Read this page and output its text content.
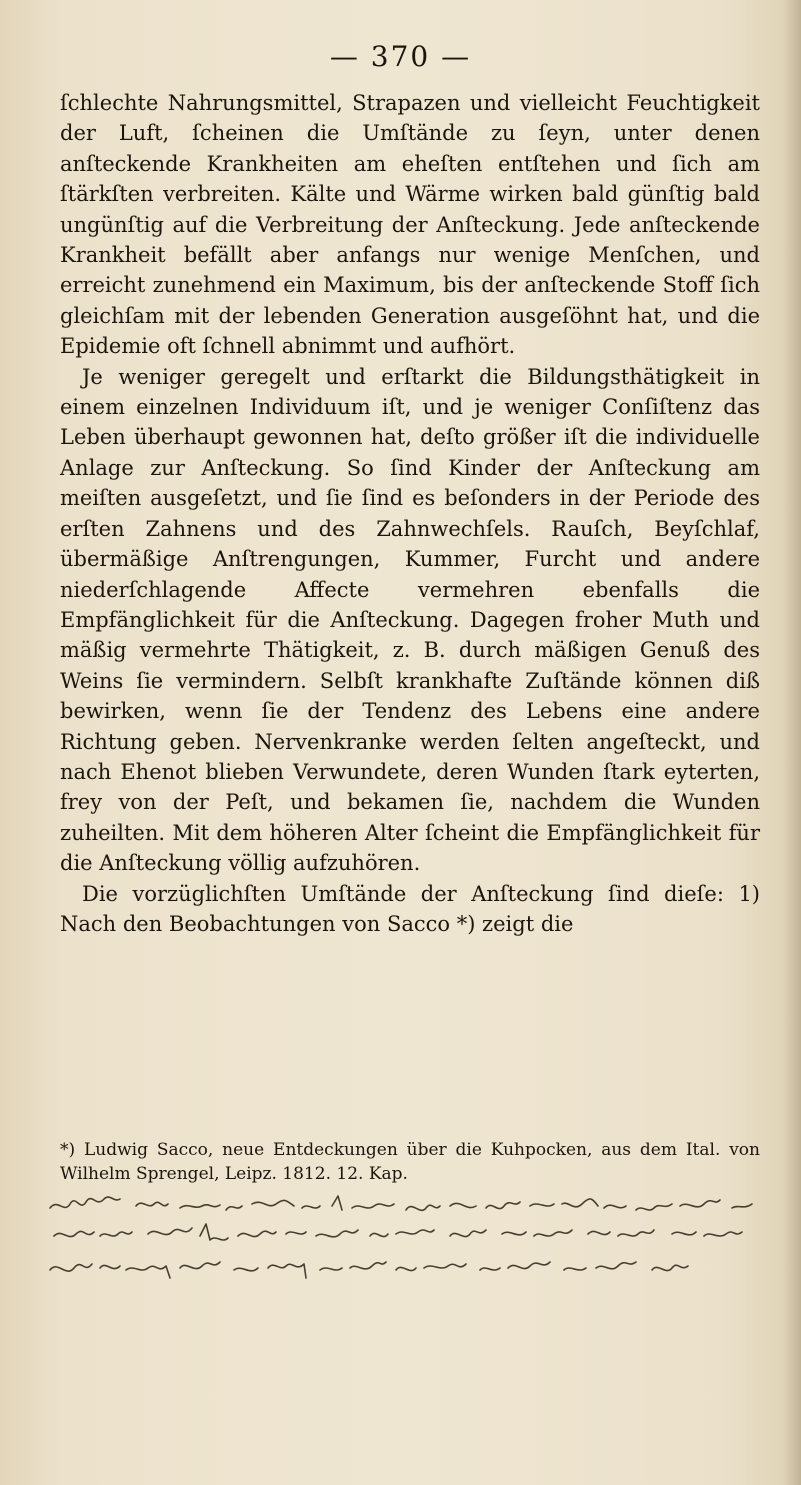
— 370 —

ſchlechte Nahrungsmittel, Strapazen und vielleicht Feuchtigkeit der Luft, ſcheinen die Umſtände zu ſeyn, unter denen anſteckende Krankheiten am eheſten entſtehen und ſich am ſtärkſten verbreiten. Kälte und Wärme wirken bald günſtig bald ungünſtig auf die Verbreitung der Anſteckung. Jede anſteckende Krankheit befällt aber anfangs nur wenige Menſchen, und erreicht zunehmend ein Maximum, bis der anſteckende Stoff ſich gleichſam mit der lebenden Generation ausgeſöhnt hat, und die Epidemie oft ſchnell abnimmt und aufhört.

Je weniger geregelt und erſtarkt die Bildungsthätigkeit in einem einzelnen Individuum iſt, und je weniger Conſiſtenz das Leben überhaupt gewonnen hat, deſto größer iſt die individuelle Anlage zur Anſteckung. So ſind Kinder der Anſteckung am meiſten ausgeſetzt, und ſie ſind es beſonders in der Periode des erſten Zahnens und des Zahnwechſels. Rauſch, Beyſchlaf, übermäßige Anſtrengungen, Kummer, Furcht und andere niederſchlagende Affecte vermehren ebenfalls die Empfänglichkeit für die Anſteckung. Dagegen froher Muth und mäßig vermehrte Thätigkeit, z. B. durch mäßigen Genuß des Weins ſie vermindern. Selbſt krankhafte Zuſtände können diß bewirken, wenn ſie der Tendenz des Lebens eine andere Richtung geben. Nervenkranke werden ſelten angeſteckt, und nach Ehenot blieben Verwundete, deren Wunden ſtark eyterten, frey von der Peſt, und bekamen ſie, nachdem die Wunden zuheilten. Mit dem höheren Alter ſcheint die Empfänglichkeit für die Anſteckung völlig aufzuhören.

Die vorzüglichſten Umſtände der Anſteckung ſind dieſe: 1) Nach den Beobachtungen von Sacco *) zeigt die

*) Ludwig Sacco, neue Entdeckungen über die Kuhpocken, aus dem Ital. von Wilhelm Sprengel, Leipz. 1812. 12. Kap.
